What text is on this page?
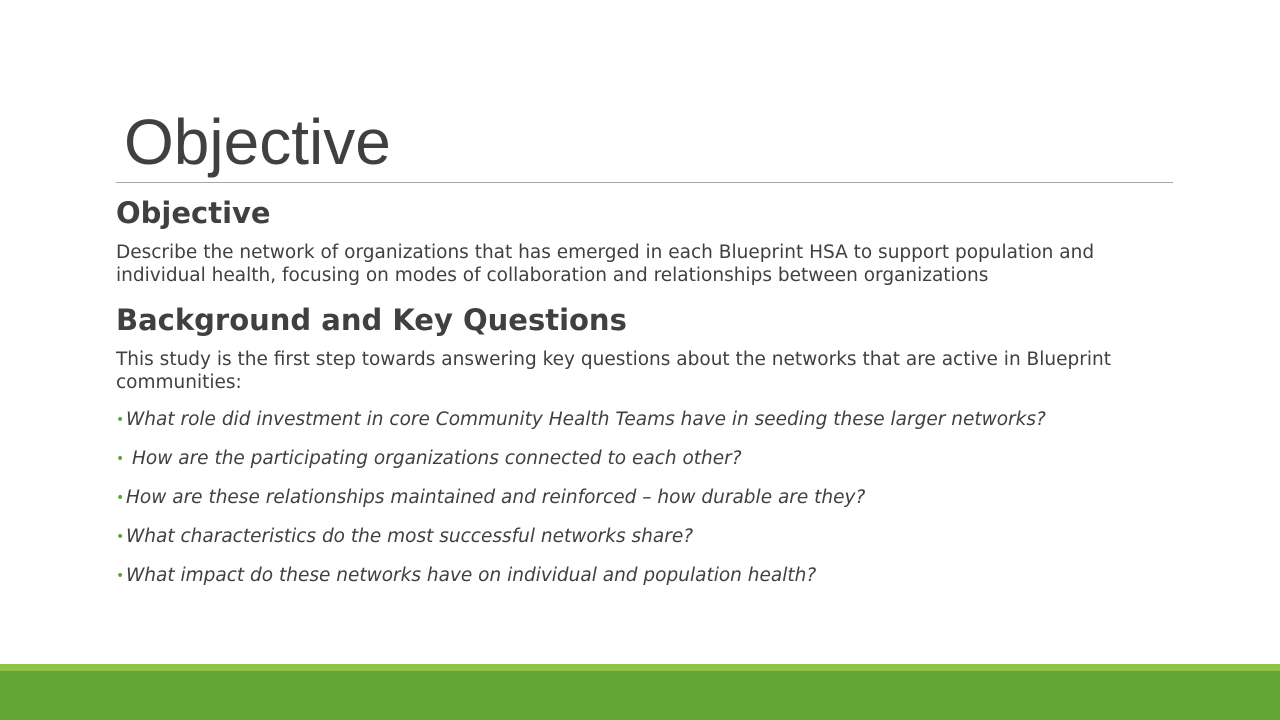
Objective
Objective

Describe the network of organizations that has emerged in each Blueprint HSA to support population and individual health, focusing on modes of collaboration and relationships between organizations

Background and Key Questions

This study is the first step towards answering key questions about the networks that are active in Blueprint communities:

• What role did investment in core Community Health Teams have in seeding these larger networks?
• How are the participating organizations connected to each other?
• How are these relationships maintained and reinforced – how durable are they?
• What characteristics do the most successful networks share?
• What impact do these networks have on individual and population health?
